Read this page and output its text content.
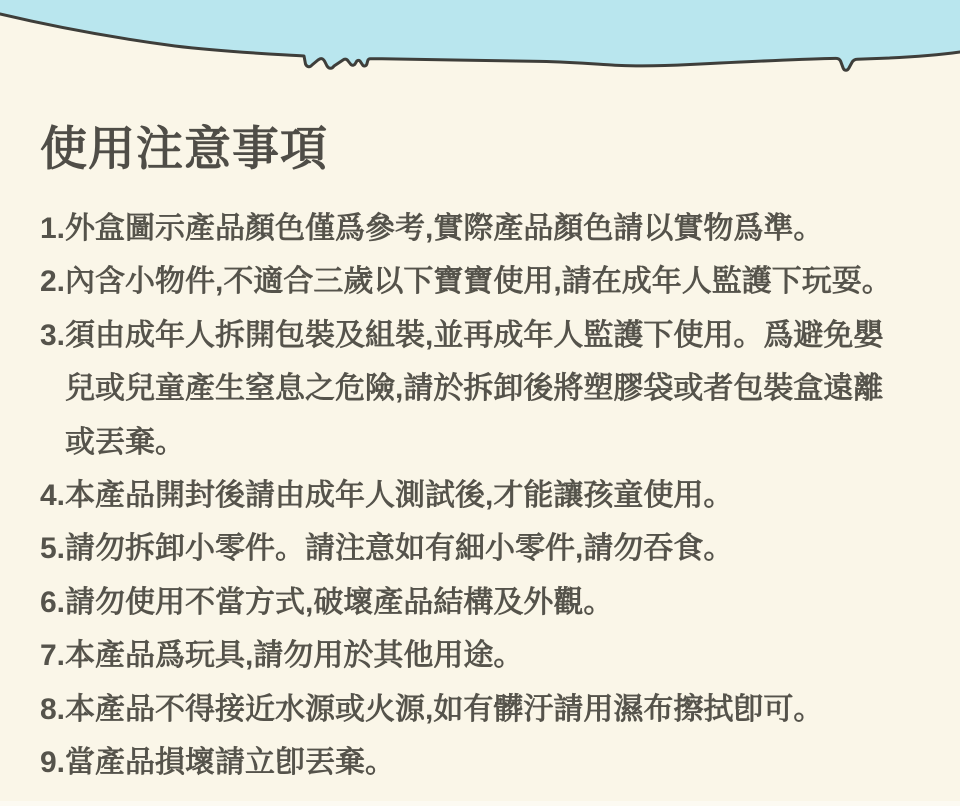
使用注意事項
1. 外盒圖示產品顏色僅爲參考,實際產品顏色請以實物爲準。
2. 內含小物件,不適合三歲以下寶寶使用,請在成年人監護下玩耍。
3. 須由成年人拆開包裝及組裝,並再成年人監護下使用。爲避免嬰
兒或兒童產生窒息之危險,請於拆卸後將塑膠袋或者包裝盒遠離
或丟棄。
4. 本產品開封後請由成年人測試後,才能讓孩童使用。
5. 請勿拆卸小零件。請注意如有細小零件,請勿吞食。
6. 請勿使用不當方式,破壞產品結構及外觀。
7. 本產品爲玩具,請勿用於其他用途。
8. 本產品不得接近水源或火源,如有髒汙請用濕布擦拭卽可。
9. 當產品損壞請立卽丟棄。
